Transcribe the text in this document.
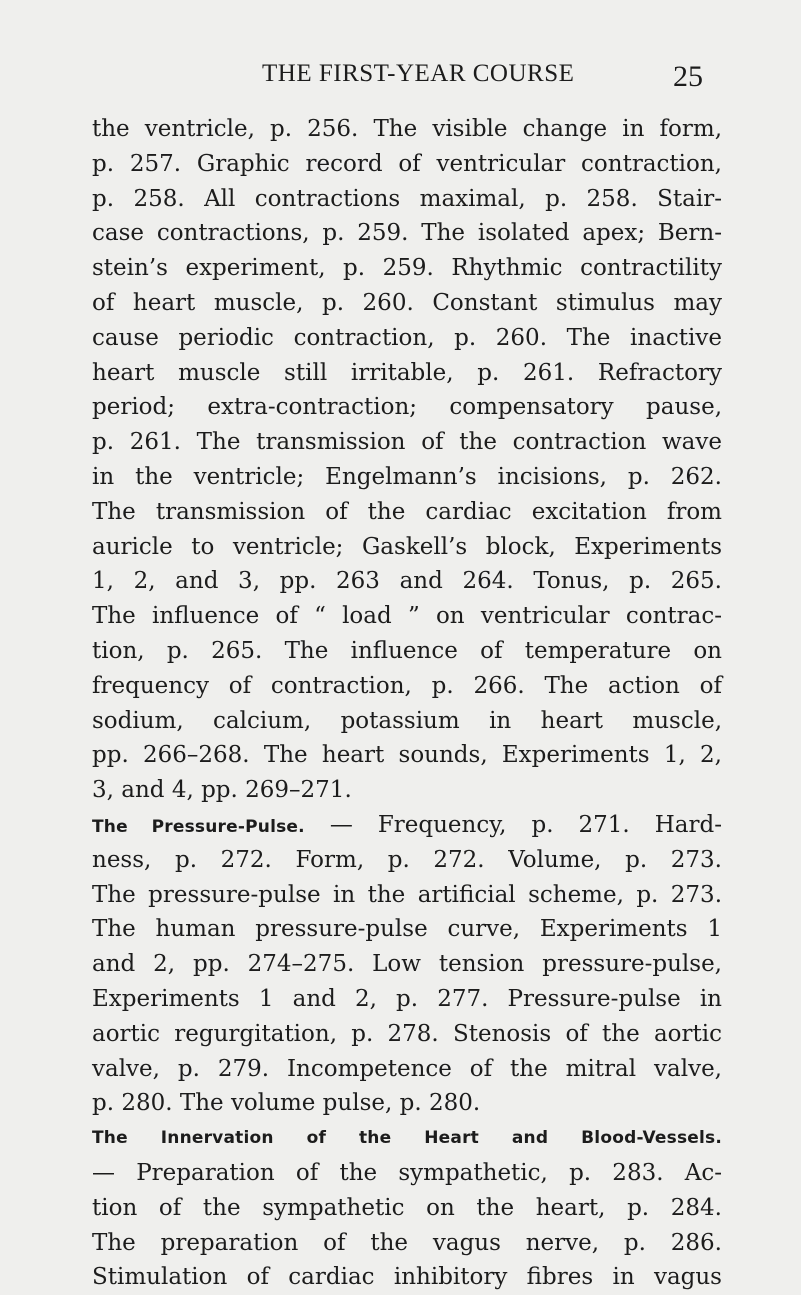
THE FIRST-YEAR COURSE	25
the ventricle, p. 256. The visible change in form,
p. 257. Graphic record of ventricular contraction,
p. 258. All contractions maximal, p. 258. Stair-
case contractions, p. 259. The isolated apex; Bern-
stein’s experiment, p. 259. Rhythmic contractility
of heart muscle, p. 260. Constant stimulus may
cause periodic contraction, p. 260. The inactive
heart muscle still irritable, p. 261. Refractory
period; extra-contraction; compensatory pause,
p. 261. The transmission of the contraction wave
in the ventricle; Engelmann’s incisions, p. 262.
The transmission of the cardiac excitation from
auricle to ventricle; Gaskell’s block, Experiments
1, 2, and 3, pp. 263 and 264. Tonus, p. 265.
The influence of “ load ” on ventricular contrac-
tion, p. 265. The influence of temperature on
frequency of contraction, p. 266. The action of
sodium, calcium, potassium in heart muscle,
pp. 266–268. The heart sounds, Experiments 1, 2,
3, and 4, pp. 269–271.
The Pressure-Pulse. — Frequency, p. 271. Hard-
ness, p. 272. Form, p. 272. Volume, p. 273.
The pressure-pulse in the artificial scheme, p. 273.
The human pressure-pulse curve, Experiments 1
and 2, pp. 274–275. Low tension pressure-pulse,
Experiments 1 and 2, p. 277. Pressure-pulse in
aortic regurgitation, p. 278. Stenosis of the aortic
valve, p. 279. Incompetence of the mitral valve,
p. 280. The volume pulse, p. 280.
The Innervation of the Heart and Blood-Vessels.
— Preparation of the sympathetic, p. 283. Ac-
tion of the sympathetic on the heart, p. 284.
The preparation of the vagus nerve, p. 286.
Stimulation of cardiac inhibitory fibres in vagus
